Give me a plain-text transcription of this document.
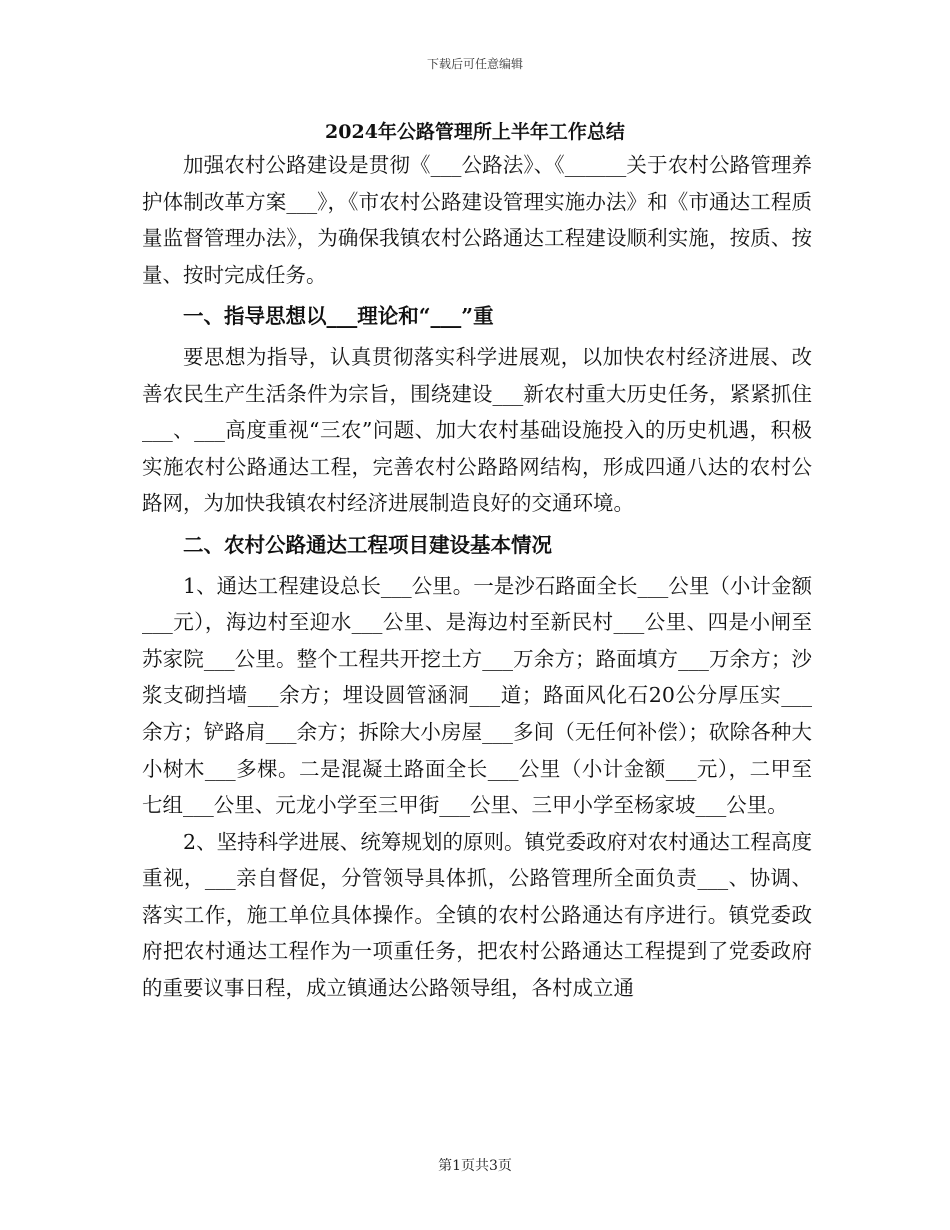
下载后可任意编辑
2024年公路管理所上半年工作总结

加强农村公路建设是贯彻《___公路法》、《______关于农村公路管理养护体制改革方案___》，《市农村公路建设管理实施办法》和《市通达工程质量监督管理办法》，为确保我镇农村公路通达工程建设顺利实施，按质、按量、按时完成任务。

一、指导思想以___理论和“___”重

要思想为指导，认真贯彻落实科学进展观，以加快农村经济进展、改善农民生产生活条件为宗旨，围绕建设___新农村重大历史任务，紧紧抓住___、___高度重视“三农”问题、加大农村基础设施投入的历史机遇，积极实施农村公路通达工程，完善农村公路路网结构，形成四通八达的农村公路网，为加快我镇农村经济进展制造良好的交通环境。

二、农村公路通达工程项目建设基本情况

1、通达工程建设总长___公里。一是沙石路面全长___公里（小计金额___元），海边村至迎水___公里、是海边村至新民村___公里、四是小闸至苏家院___公里。整个工程共开挖土方___万余方；路面填方___万余方；沙浆支砌挡墙___余方；埋设圆管涵洞___道；路面风化石20公分厚压实___余方；铲路肩___余方；拆除大小房屋___多间（无任何补偿）；砍除各种大小树木___多棵。二是混凝土路面全长___公里（小计金额___元），二甲至七组___公里、元龙小学至三甲街___公里、三甲小学至杨家坡___公里。

2、坚持科学进展、统筹规划的原则。镇党委政府对农村通达工程高度重视，___亲自督促，分管领导具体抓，公路管理所全面负责___、协调、落实工作，施工单位具体操作。全镇的农村公路通达有序进行。镇党委政府把农村通达工程作为一项重任务，把农村公路通达工程提到了党委政府的重要议事日程，成立镇通达公路领导组，各村成立通

第1页共3页
